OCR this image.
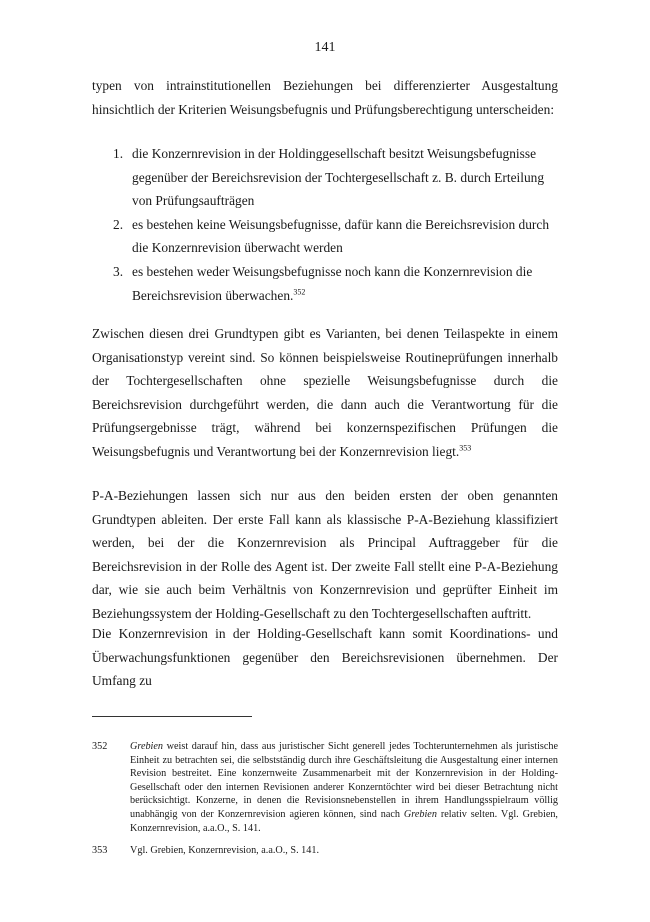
141

typen von intrainstitutionellen Beziehungen bei differenzierter Ausgestaltung hinsichtlich der Kriterien Weisungsbefugnis und Prüfungsberechtigung unterscheiden:

1. die Konzernrevision in der Holdinggesellschaft besitzt Weisungsbefugnisse gegenüber der Bereichsrevision der Tochtergesellschaft z. B. durch Erteilung von Prüfungsaufträgen
2. es bestehen keine Weisungsbefugnisse, dafür kann die Bereichsrevision durch die Konzernrevision überwacht werden
3. es bestehen weder Weisungsbefugnisse noch kann die Konzernrevision die Bereichsrevision überwachen.$^{352}$

Zwischen diesen drei Grundtypen gibt es Varianten, bei denen Teilaspekte in einem Organisationstyp vereint sind. So können beispielsweise Routineprüfungen innerhalb der Tochtergesellschaften ohne spezielle Weisungsbefugnisse durch die Bereichsrevision durchgeführt werden, die dann auch die Verantwortung für die Prüfungsergebnisse trägt, während bei konzernspezifischen Prüfungen die Weisungsbefugnis und Verantwortung bei der Konzernrevision liegt.$^{353}$

P-A-Beziehungen lassen sich nur aus den beiden ersten der oben genannten Grundtypen ableiten. Der erste Fall kann als klassische P-A-Beziehung klassifiziert werden, bei der die Konzernrevision als Principal Auftraggeber für die Bereichsrevision in der Rolle des Agent ist. Der zweite Fall stellt eine P-A-Beziehung dar, wie sie auch beim Verhältnis von Konzernrevision und geprüfter Einheit im Beziehungssystem der Holding-Gesellschaft zu den Tochtergesellschaften auftritt.

Die Konzernrevision in der Holding-Gesellschaft kann somit Koordinations- und Überwachungsfunktionen gegenüber den Bereichsrevisionen übernehmen. Der Umfang zu

352	Grebien weist darauf hin, dass aus juristischer Sicht generell jedes Tochterunternehmen als juristische Einheit zu betrachten sei, die selbstständig durch ihre Geschäftsleitung die Ausgestaltung einer internen Revision bestreitet. Eine konzernweite Zusammenarbeit mit der Konzernrevision in der Holding-Gesellschaft oder den internen Revisionen anderer Konzerntöchter wird bei dieser Betrachtung nicht berücksichtigt. Konzerne, in denen die Revisionsnebenstellen in ihrem Handlungsspielraum völlig unabhängig von der Konzernrevision agieren können, sind nach Grebien relativ selten. Vgl. Grebien, Konzernrevision, a.a.O., S. 141.
353	Vgl. Grebien, Konzernrevision, a.a.O., S. 141.
